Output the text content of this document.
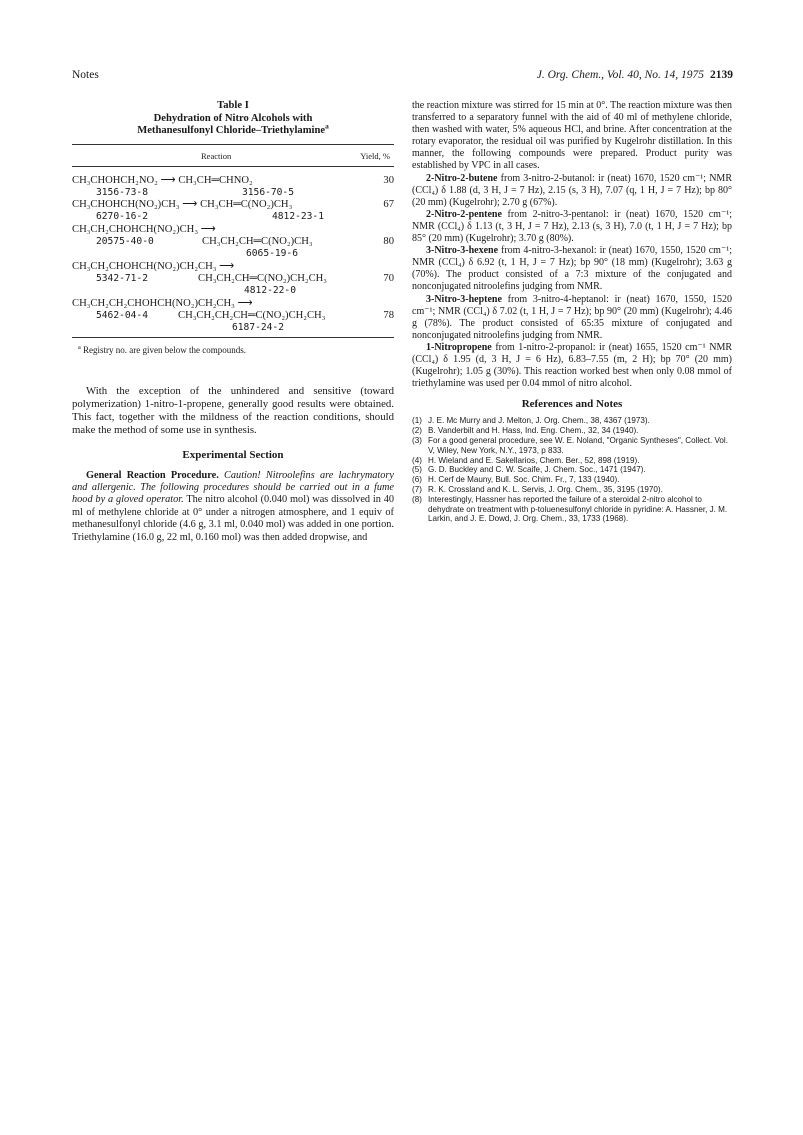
Notes	J. Org. Chem., Vol. 40, No. 14, 1975 2139
Table I
Dehydration of Nitro Alcohols with
Methanesulfonyl Chloride–Triethylamine$^a$
Reaction	Yield, %
CH₃CHOHCH₂NO₂ ⟶ CH₃CH═CHNO₂	30
3156-73-8	3156-70-5
CH₃CHOHCH(NO₂)CH₃ ⟶ CH₃CH═C(NO₂)CH₃	67
6270-16-2	4812-23-1
CH₃CH₂CHOHCH(NO₂)CH₃ ⟶
20575-40-0	CH₃CH₂CH═C(NO₂)CH₃	80
6065-19-6
CH₃CH₂CHOHCH(NO₂)CH₂CH₃ ⟶
5342-71-2	CH₃CH₂CH═C(NO₂)CH₂CH₃	70
4812-22-0
CH₃CH₂CH₂CHOHCH(NO₂)CH₂CH₃ ⟶
5462-04-4	CH₃CH₂CH₂CH═C(NO₂)CH₂CH₃	78
6187-24-2
$^a$ Registry no. are given below the compounds.

With the exception of the unhindered and sensitive (toward polymerization) 1-nitro-1-propene, generally good results were obtained. This fact, together with the mildness of the reaction conditions, should make the method of some use in synthesis.

Experimental Section

General Reaction Procedure. Caution! Nitroolefins are lachrymatory and allergenic. The following procedures should be carried out in a fume hood by a gloved operator. The nitro alcohol (0.040 mol) was dissolved in 40 ml of methylene chloride at 0° under a nitrogen atmosphere, and 1 equiv of methanesulfonyl chloride (4.6 g, 3.1 ml, 0.040 mol) was added in one portion. Triethylamine (16.0 g, 22 ml, 0.160 mol) was then added dropwise, and

the reaction mixture was stirred for 15 min at 0°. The reaction mixture was then transferred to a separatory funnel with the aid of 40 ml of methylene chloride, then washed with water, 5% aqueous HCl, and brine. After concentration at the rotary evaporator, the residual oil was purified by Kugelrohr distillation. In this manner, the following compounds were prepared. Product purity was established by VPC in all cases.

2-Nitro-2-butene from 3-nitro-2-butanol: ir (neat) 1670, 1520 cm⁻¹; NMR (CCl₄) δ 1.88 (d, 3 H, J = 7 Hz), 2.15 (s, 3 H), 7.07 (q, 1 H, J = 7 Hz); bp 80° (20 mm) (Kugelrohr); 2.70 g (67%).

2-Nitro-2-pentene from 2-nitro-3-pentanol: ir (neat) 1670, 1520 cm⁻¹; NMR (CCl₄) δ 1.13 (t, 3 H, J = 7 Hz), 2.13 (s, 3 H), 7.0 (t, 1 H, J = 7 Hz); bp 85° (20 mm) (Kugelrohr); 3.70 g (80%).

3-Nitro-3-hexene from 4-nitro-3-hexanol: ir (neat) 1670, 1550, 1520 cm⁻¹; NMR (CCl₄) δ 6.92 (t, 1 H, J = 7 Hz); bp 90° (18 mm) (Kugelrohr); 3.63 g (70%). The product consisted of a 7:3 mixture of the conjugated and nonconjugated nitroolefins judging from NMR.

3-Nitro-3-heptene from 3-nitro-4-heptanol: ir (neat) 1670, 1550, 1520 cm⁻¹; NMR (CCl₄) δ 7.02 (t, 1 H, J = 7 Hz); bp 90° (20 mm) (Kugelrohr); 4.46 g (78%). The product consisted of 65:35 mixture of conjugated and nonconjugated nitroolefins judging from NMR.

1-Nitropropene from 1-nitro-2-propanol: ir (neat) 1655, 1520 cm⁻¹ NMR (CCl₄) δ 1.95 (d, 3 H, J = 6 Hz), 6.83–7.55 (m, 2 H); bp 70° (20 mm) (Kugelrohr); 1.05 g (30%). This reaction worked best when only 0.08 mmol of triethylamine was used per 0.04 mmol of nitro alcohol.

References and Notes
(1) J. E. Mc Murry and J. Melton, J. Org. Chem., 38, 4367 (1973).
(2) B. Vanderbilt and H. Hass, Ind. Eng. Chem., 32, 34 (1940).
(3) For a good general procedure, see W. E. Noland, "Organic Syntheses", Collect. Vol. V, Wiley, New York, N.Y., 1973, p 833.
(4) H. Wieland and E. Sakellarios, Chem. Ber., 52, 898 (1919).
(5) G. D. Buckley and C. W. Scaife, J. Chem. Soc., 1471 (1947).
(6) H. Cerf de Mauny, Bull. Soc. Chim. Fr., 7, 133 (1940).
(7) R. K. Crossland and K. L. Servis, J. Org. Chem., 35, 3195 (1970).
(8) Interestingly, Hassner has reported the failure of a steroidal 2-nitro alcohol to dehydrate on treatment with p-toluenesulfonyl chloride in pyridine: A. Hassner, J. M. Larkin, and J. E. Dowd, J. Org. Chem., 33, 1733 (1968).
